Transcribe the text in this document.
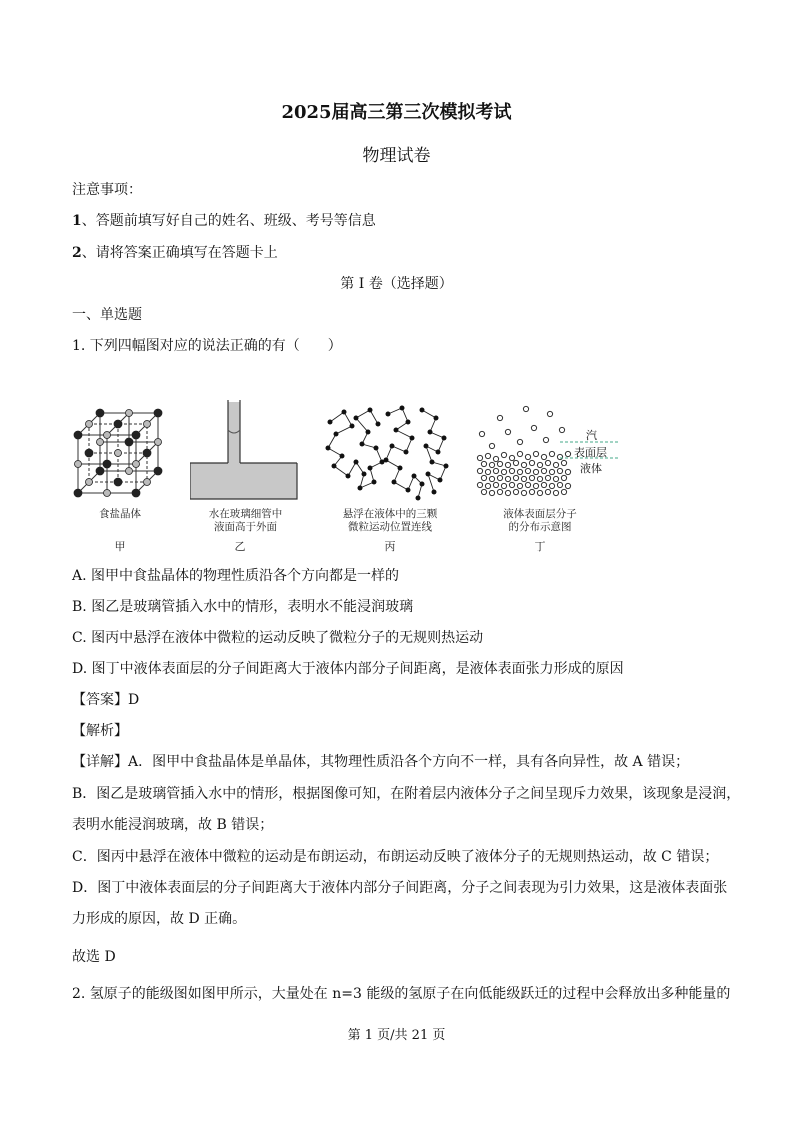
2025届高三第三次模拟考试
物理试卷
注意事项：
1、答题前填写好自己的姓名、班级、考号等信息
2、请将答案正确填写在答题卡上
第 I 卷（选择题）
一、单选题
1. 下列四幅图对应的说法正确的有（　　）
汽
表面层
液体
食盐晶体	水在玻璃细管中
液面高于外面
悬浮在液体中的三颗
微粒运动位置连线
液体表面层分子
的分布示意图
甲	乙	丙	丁
A. 图甲中食盐晶体的物理性质沿各个方向都是一样的
B. 图乙是玻璃管插入水中的情形，表明水不能浸润玻璃
C. 图丙中悬浮在液体中微粒的运动反映了微粒分子的无规则热运动
D. 图丁中液体表面层的分子间距离大于液体内部分子间距离，是液体表面张力形成的原因
【答案】D
【解析】
【详解】A．图甲中食盐晶体是单晶体，其物理性质沿各个方向不一样，具有各向异性，故 A 错误；
B．图乙是玻璃管插入水中的情形，根据图像可知，在附着层内液体分子之间呈现斥力效果，该现象是浸润，
表明水能浸润玻璃，故 B 错误；
C．图丙中悬浮在液体中微粒的运动是布朗运动，布朗运动反映了液体分子的无规则热运动，故 C 错误；
D．图丁中液体表面层的分子间距离大于液体内部分子间距离，分子之间表现为引力效果，这是液体表面张
力形成的原因，故 D 正确。
故选 D
2. 氢原子的能级图如图甲所示，大量处在 n=3 能级的氢原子在向低能级跃迁的过程中会释放出多种能量的
第 1 页/共 21 页
